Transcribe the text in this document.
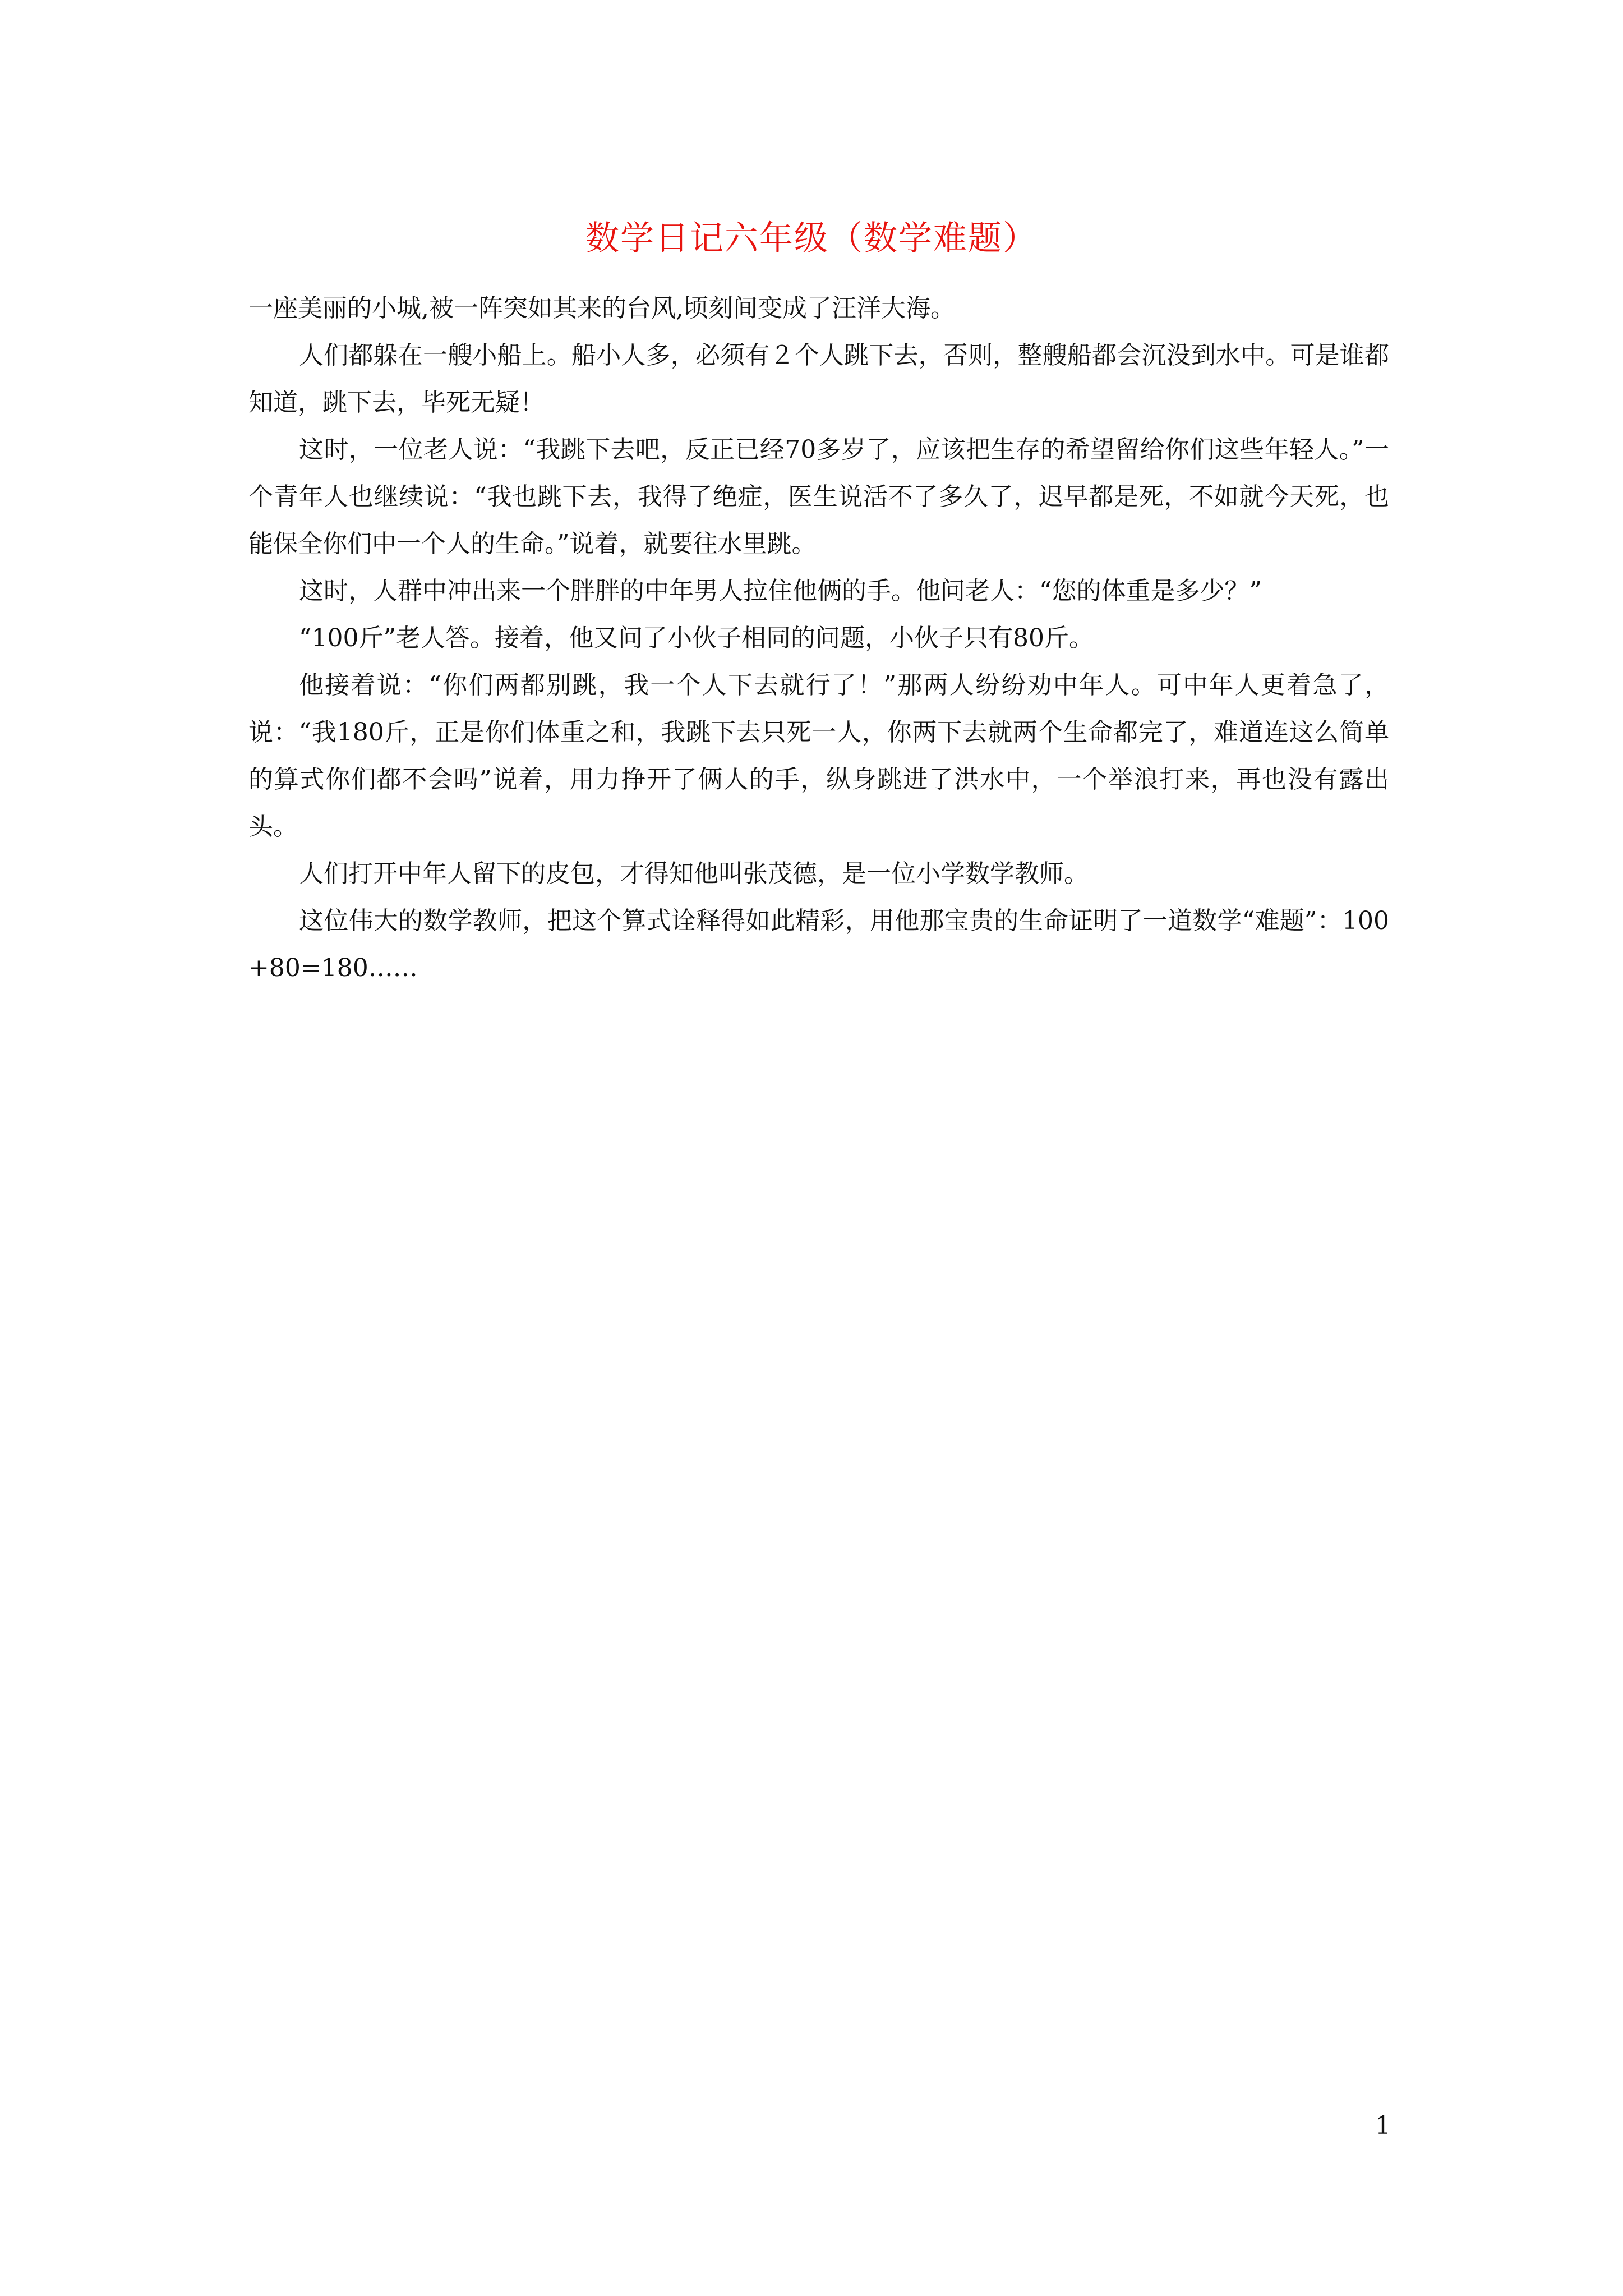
数学日记六年级（数学难题）

一座美丽的小城,被一阵突如其来的台风,顷刻间变成了汪洋大海。

人们都躲在一艘小船上。船小人多，必须有２个人跳下去，否则，整艘船都会沉没到水中。可是谁都知道，跳下去，毕死无疑！

这时，一位老人说：“我跳下去吧，反正已经70多岁了，应该把生存的希望留给你们这些年轻人。”一个青年人也继续说：“我也跳下去，我得了绝症，医生说活不了多久了，迟早都是死，不如就今天死，也能保全你们中一个人的生命。”说着，就要往水里跳。

这时，人群中冲出来一个胖胖的中年男人拉住他俩的手。他问老人：“您的体重是多少？”

“100斤”老人答。接着，他又问了小伙子相同的问题，小伙子只有80斤。

他接着说：“你们两都别跳，我一个人下去就行了！”那两人纷纷劝中年人。可中年人更着急了，说：“我180斤，正是你们体重之和，我跳下去只死一人，你两下去就两个生命都完了，难道连这么简单的算式你们都不会吗”说着，用力挣开了俩人的手，纵身跳进了洪水中，一个举浪打来，再也没有露出头。

人们打开中年人留下的皮包，才得知他叫张茂德，是一位小学数学教师。

这位伟大的数学教师，把这个算式诠释得如此精彩，用他那宝贵的生命证明了一道数学“难题”：100+80=180……

1
